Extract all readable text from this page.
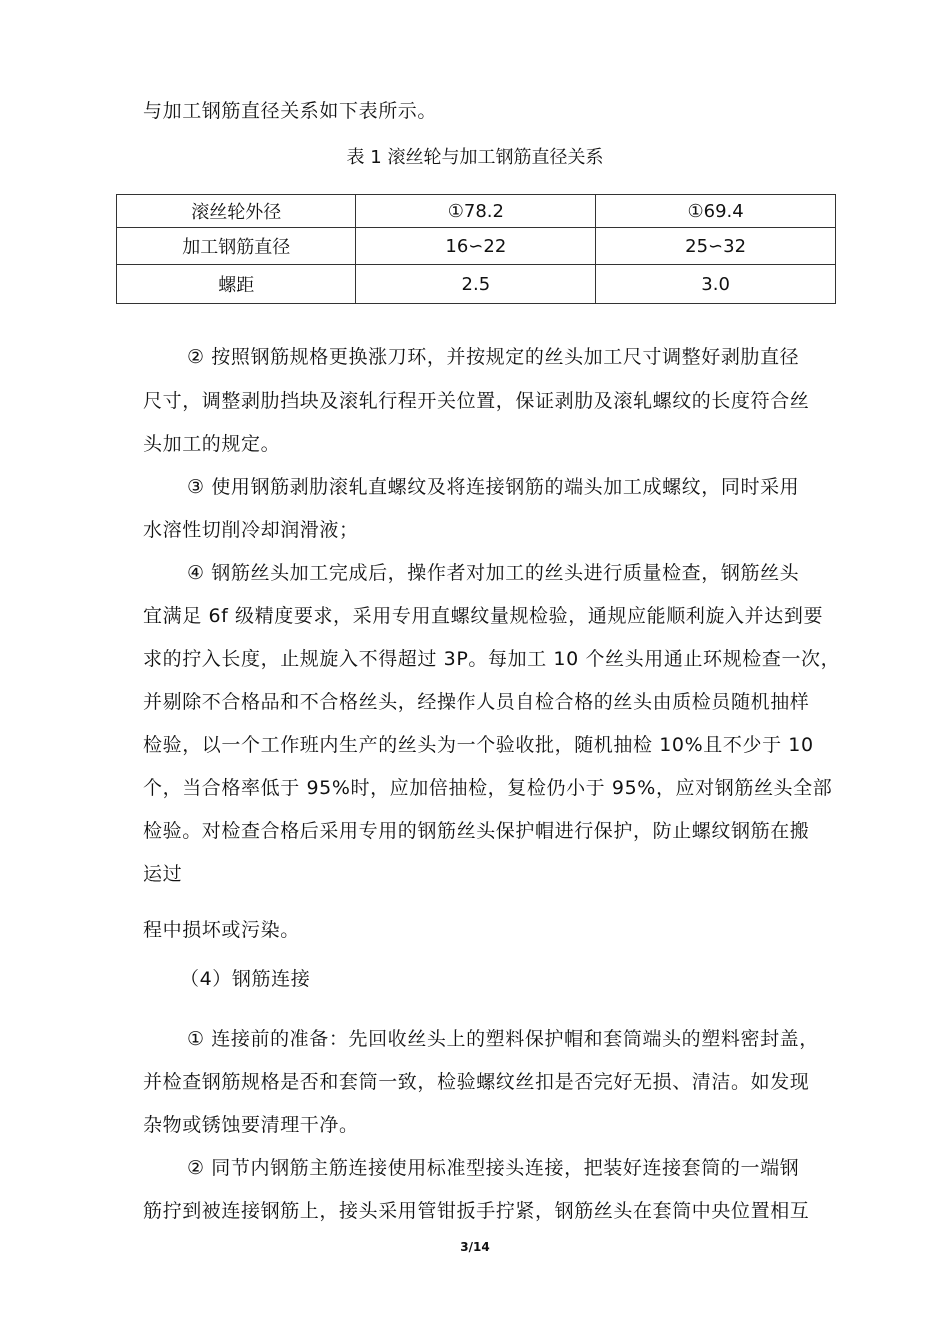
与加工钢筋直径关系如下表所示。
表 1 滚丝轮与加工钢筋直径关系
滚丝轮外径	①78.2	①69.4
加工钢筋直径	16∽22	25∽32
螺距	2.5	3.0
② 按照钢筋规格更换涨刀环，并按规定的丝头加工尺寸调整好剥肋直径
尺寸，调整剥肋挡块及滚轧行程开关位置，保证剥肋及滚轧螺纹的长度符合丝
头加工的规定。
③ 使用钢筋剥肋滚轧直螺纹及将连接钢筋的端头加工成螺纹，同时采用
水溶性切削冷却润滑液；
④ 钢筋丝头加工完成后，操作者对加工的丝头进行质量检查，钢筋丝头
宜满足 6f 级精度要求，采用专用直螺纹量规检验，通规应能顺利旋入并达到要
求的拧入长度，止规旋入不得超过 3P。每加工 10 个丝头用通止环规检查一次，
并剔除不合格品和不合格丝头，经操作人员自检合格的丝头由质检员随机抽样
检验，以一个工作班内生产的丝头为一个验收批，随机抽检 10%且不少于 10
个，当合格率低于 95%时，应加倍抽检，复检仍小于 95%，应对钢筋丝头全部
检验。对检查合格后采用专用的钢筋丝头保护帽进行保护，防止螺纹钢筋在搬
运过
程中损坏或污染。
（4）钢筋连接
① 连接前的准备：先回收丝头上的塑料保护帽和套筒端头的塑料密封盖，
并检查钢筋规格是否和套筒一致，检验螺纹丝扣是否完好无损、清洁。如发现
杂物或锈蚀要清理干净。
② 同节内钢筋主筋连接使用标准型接头连接，把装好连接套筒的一端钢
筋拧到被连接钢筋上，接头采用管钳扳手拧紧，钢筋丝头在套筒中央位置相互
3/14
